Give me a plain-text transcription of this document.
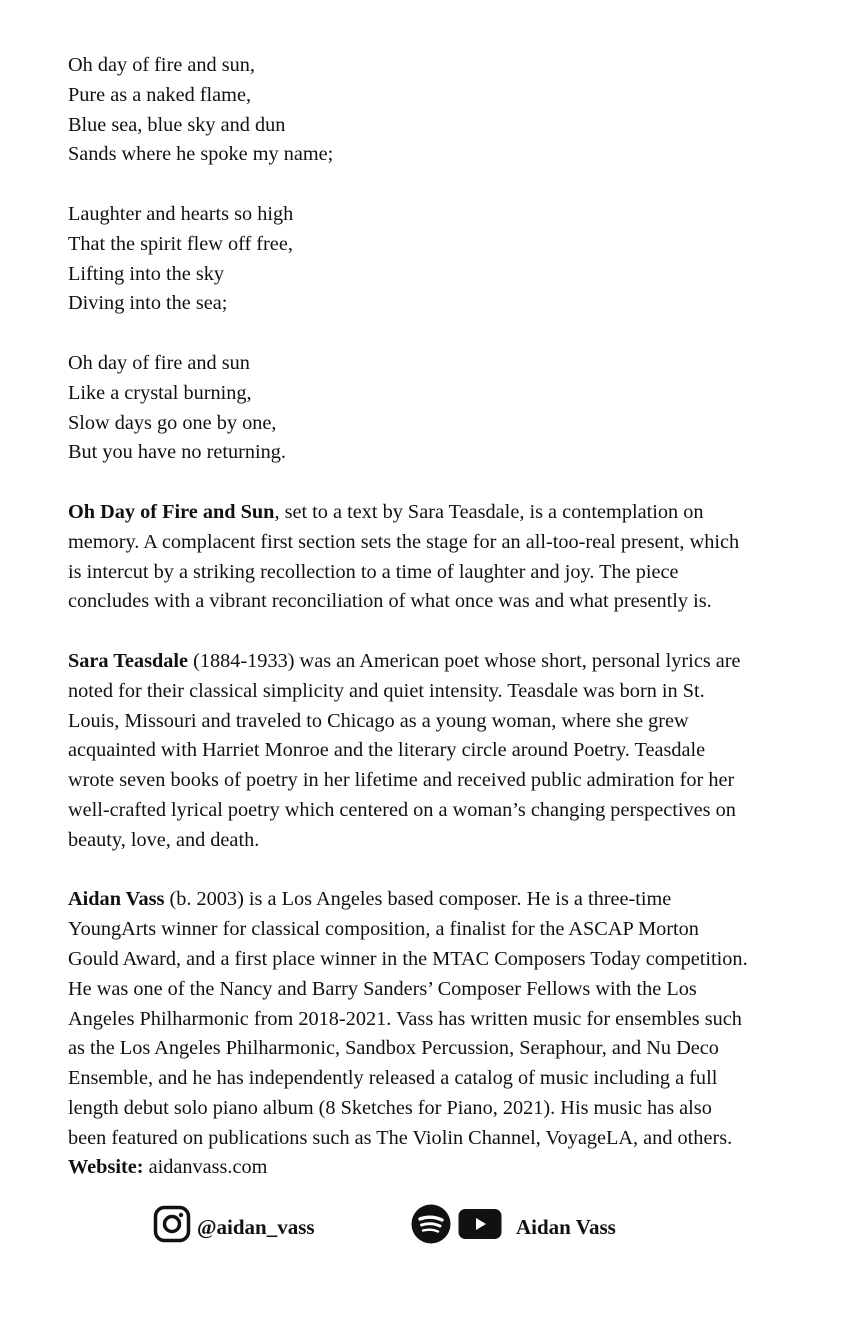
Oh day of fire and sun,
Pure as a naked flame,
Blue sea, blue sky and dun
Sands where he spoke my name;
Laughter and hearts so high
That the spirit flew off free,
Lifting into the sky
Diving into the sea;
Oh day of fire and sun
Like a crystal burning,
Slow days go one by one,
But you have no returning.
Oh Day of Fire and Sun, set to a text by Sara Teasdale, is a contemplation on
memory. A complacent first section sets the stage for an all-too-real present, which
is intercut by a striking recollection to a time of laughter and joy. The piece
concludes with a vibrant reconciliation of what once was and what presently is.
Sara Teasdale (1884-1933) was an American poet whose short, personal lyrics are
noted for their classical simplicity and quiet intensity. Teasdale was born in St.
Louis, Missouri and traveled to Chicago as a young woman, where she grew
acquainted with Harriet Monroe and the literary circle around Poetry. Teasdale
wrote seven books of poetry in her lifetime and received public admiration for her
well-crafted lyrical poetry which centered on a woman’s changing perspectives on
beauty, love, and death.
Aidan Vass (b. 2003) is a Los Angeles based composer. He is a three-time
YoungArts winner for classical composition, a finalist for the ASCAP Morton
Gould Award, and a first place winner in the MTAC Composers Today competition.
He was one of the Nancy and Barry Sanders’ Composer Fellows with the Los
Angeles Philharmonic from 2018-2021. Vass has written music for ensembles such
as the Los Angeles Philharmonic, Sandbox Percussion, Seraphour, and Nu Deco
Ensemble, and he has independently released a catalog of music including a full
length debut solo piano album (8 Sketches for Piano, 2021). His music has also
been featured on publications such as The Violin Channel, VoyageLA, and others.
Website: aidanvass.com
@aidan_vass	Aidan Vass
